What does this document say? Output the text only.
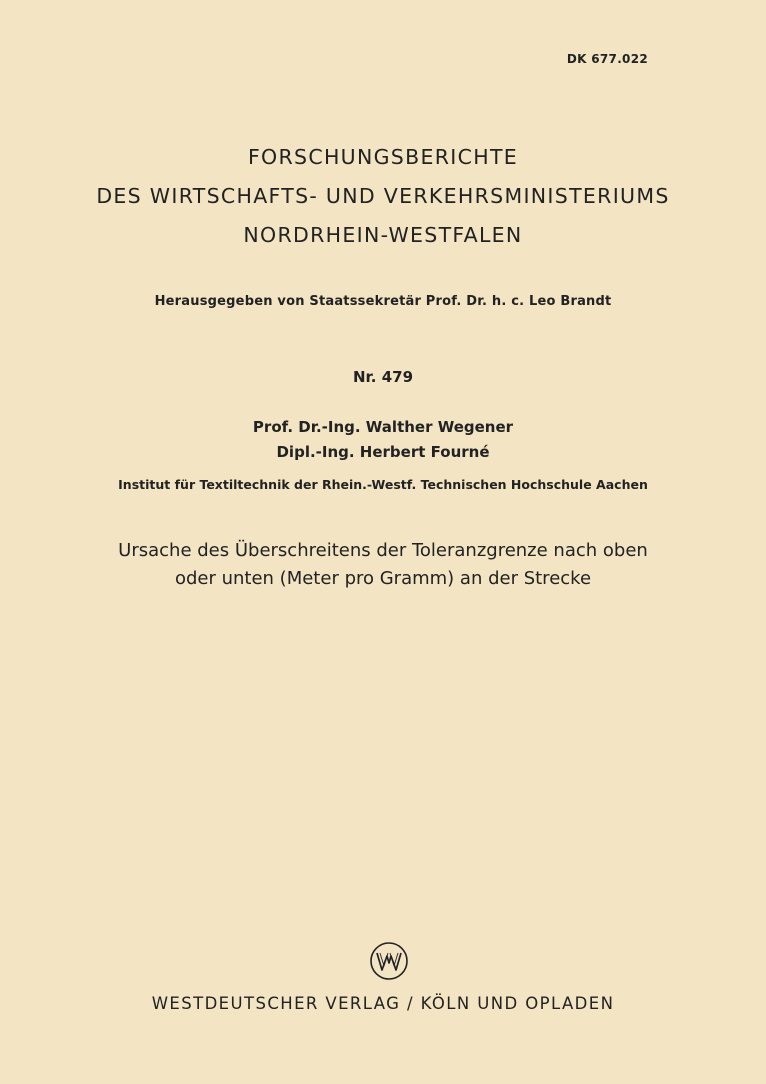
DK 677.022
FORSCHUNGSBERICHTE
DES WIRTSCHAFTS- UND VERKEHRSMINISTERIUMS
NORDRHEIN-WESTFALEN
Herausgegeben von Staatssekretär Prof. Dr. h. c. Leo Brandt
Nr. 479
Prof. Dr.-Ing. Walther Wegener
Dipl.-Ing. Herbert Fourné
Institut für Textiltechnik der Rhein.-Westf. Technischen Hochschule Aachen
Ursache des Überschreitens der Toleranzgrenze nach oben
oder unten (Meter pro Gramm) an der Strecke
WESTDEUTSCHER VERLAG / KÖLN UND OPLADEN
